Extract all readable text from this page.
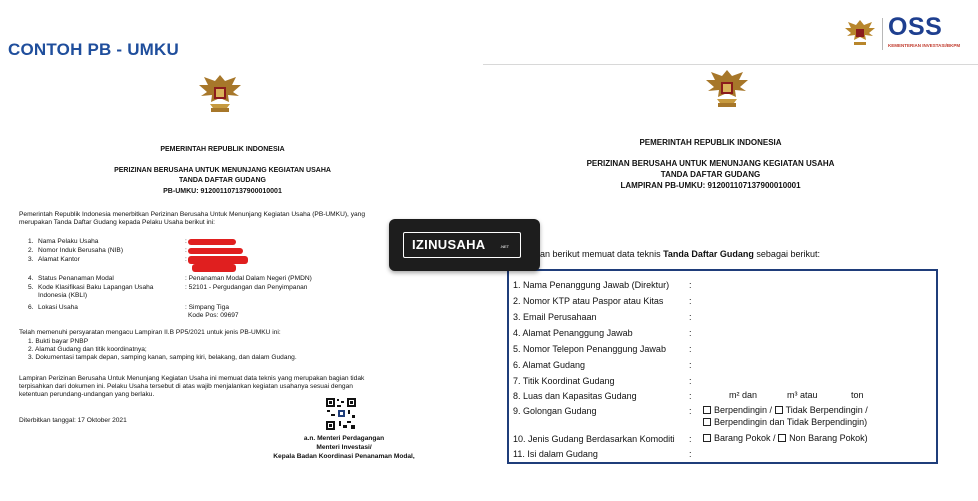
CONTOH PB - UMKU
OSS
KEMENTERIAN INVESTASI/BKPM
PEMERINTAH REPUBLIK INDONESIA
PERIZINAN BERUSAHA UNTUK MENUNJANG KEGIATAN USAHA
TANDA DAFTAR GUDANG
PB-UMKU: 912001107137900010001
Pemerintah Republik Indonesia menerbitkan Perizinan Berusaha Untuk Menunjang Kegiatan Usaha (PB-UMKU), yang
merupakan Tanda Daftar Gudang kepada Pelaku Usaha berikut ini:
1. Nama Pelaku Usaha	:
2. Nomor Induk Berusaha (NIB)	:
3. Alamat Kantor	:
4. Status Penanaman Modal	: Penanaman Modal Dalam Negeri (PMDN)
5. Kode Klasifikasi Baku Lapangan Usaha	: 52101 - Pergudangan dan Penyimpanan
Indonesia (KBLI)
6. Lokasi Usaha	: Simpang Tiga
Kode Pos: 09697
Telah memenuhi persyaratan mengacu Lampiran II.B PP5/2021 untuk jenis PB-UMKU ini:
1. Bukti bayar PNBP
2. Alamat Gudang dan titik koordinatnya;
3. Dokumentasi tampak depan, samping kanan, samping kiri, belakang, dan dalam Gudang.
Lampiran Perizinan Berusaha Untuk Menunjang Kegiatan Usaha ini memuat data teknis yang merupakan bagian tidak
terpisahkan dari dokumen ini. Pelaku Usaha tersebut di atas wajib menjalankan kegiatan usahanya sesuai dengan
ketentuan perundang-undangan yang berlaku.
Diterbitkan tanggal: 17 Oktober 2021
a.n. Menteri Perdagangan
Menteri Investasi/
Kepala Badan Koordinasi Penanaman Modal,
PEMERINTAH REPUBLIK INDONESIA
PERIZINAN BERUSAHA UNTUK MENUNJANG KEGIATAN USAHA
TANDA DAFTAR GUDANG
LAMPIRAN PB-UMKU: 912001107137900010001
an berikut memuat data teknis Tanda Daftar Gudang sebagai berikut:
1. Nama Penanggung Jawab (Direktur) :
2. Nomor KTP atau Paspor atau Kitas	:
3. Email Perusahaan	:
4. Alamat Penanggung Jawab	:
5. Nomor Telepon Penanggung Jawab	:
6. Alamat Gudang	:
7. Titik Koordinat Gudang	:
8. Luas dan Kapasitas Gudang	:	m² dan	m³ atau	ton
9. Golongan Gudang	:	Berpendingin / Tidak Berpendingin /
Berpendingin dan Tidak Berpendingin)
10. Jenis Gudang Berdasarkan Komoditi :	Barang Pokok / Non Barang Pokok)
11. Isi dalam Gudang	:
IZINUSAHA	.NET
